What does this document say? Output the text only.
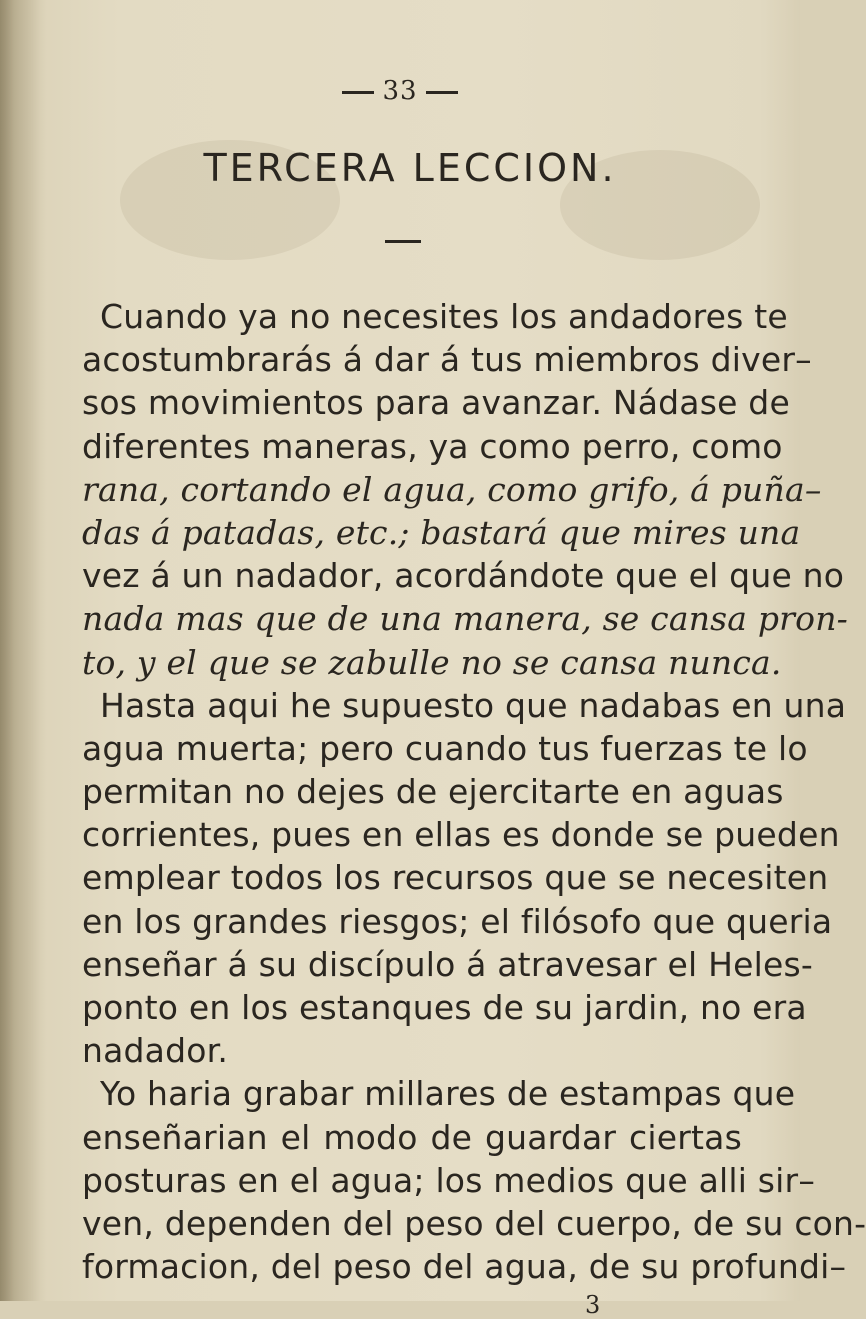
33
TERCERA LECCION.
Cuando ya no necesites los andadores te
acostumbrarás á dar á tus miembros diver–
sos movimientos para avanzar. Nádase de
diferentes maneras, ya como perro, como
rana, cortando el agua, como grifo, á puña–
das á patadas, etc.; bastará que mires una
vez á un nadador, acordándote que el que no
nada mas que de una manera, se cansa pron-
to, y el que se zabulle no se cansa nunca.
Hasta aqui he supuesto que nadabas en una
agua muerta; pero cuando tus fuerzas te lo
permitan no dejes de ejercitarte en aguas
corrientes, pues en ellas es donde se pueden
emplear todos los recursos que se necesiten
en los grandes riesgos; el filósofo que queria
enseñar á su discípulo á atravesar el Heles-
ponto en los estanques de su jardin, no era
nadador.
Yo haria grabar millares de estampas que
enseñarian el modo de guardar ciertas
posturas en el agua; los medios que alli sir–
ven, dependen del peso del cuerpo, de su con-
formacion, del peso del agua, de su profundi–
3
